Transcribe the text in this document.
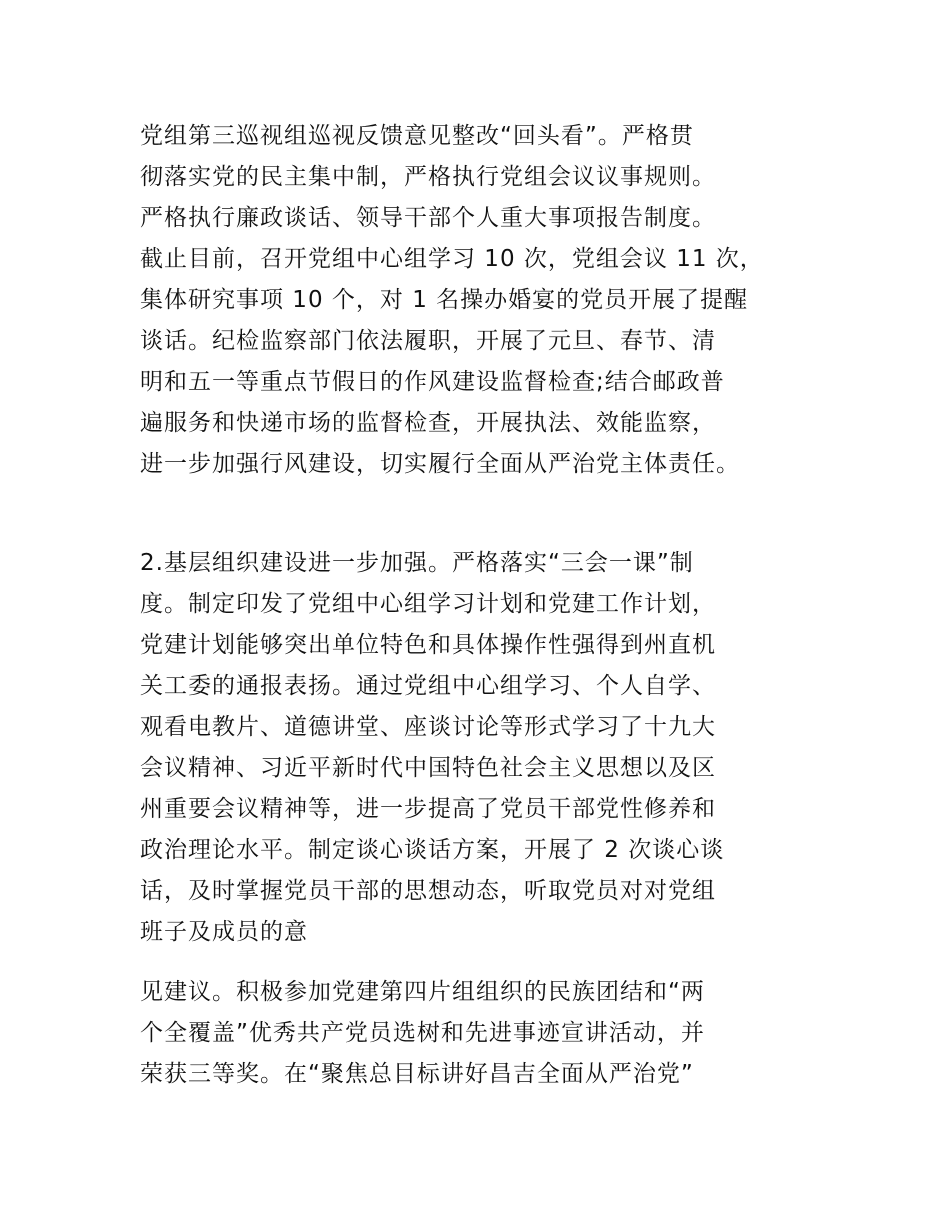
党组第三巡视组巡视反馈意见整改“回头看”。严格贯
彻落实党的民主集中制，严格执行党组会议议事规则。
严格执行廉政谈话、领导干部个人重大事项报告制度。
截止目前，召开党组中心组学习 10 次，党组会议 11 次，
集体研究事项 10 个，对 1 名操办婚宴的党员开展了提醒
谈话。纪检监察部门依法履职，开展了元旦、春节、清
明和五一等重点节假日的作风建设监督检查;结合邮政普
遍服务和快递市场的监督检查，开展执法、效能监察，
进一步加强行风建设，切实履行全面从严治党主体责任。
2.基层组织建设进一步加强。严格落实“三会一课”制
度。制定印发了党组中心组学习计划和党建工作计划，
党建计划能够突出单位特色和具体操作性强得到州直机
关工委的通报表扬。通过党组中心组学习、个人自学、
观看电教片、道德讲堂、座谈讨论等形式学习了十九大
会议精神、习近平新时代中国特色社会主义思想以及区
州重要会议精神等，进一步提高了党员干部党性修养和
政治理论水平。制定谈心谈话方案，开展了 2 次谈心谈
话，及时掌握党员干部的思想动态，听取党员对对党组
班子及成员的意
见建议。积极参加党建第四片组组织的民族团结和“两
个全覆盖”优秀共产党员选树和先进事迹宣讲活动，并
荣获三等奖。在“聚焦总目标讲好昌吉全面从严治党”
